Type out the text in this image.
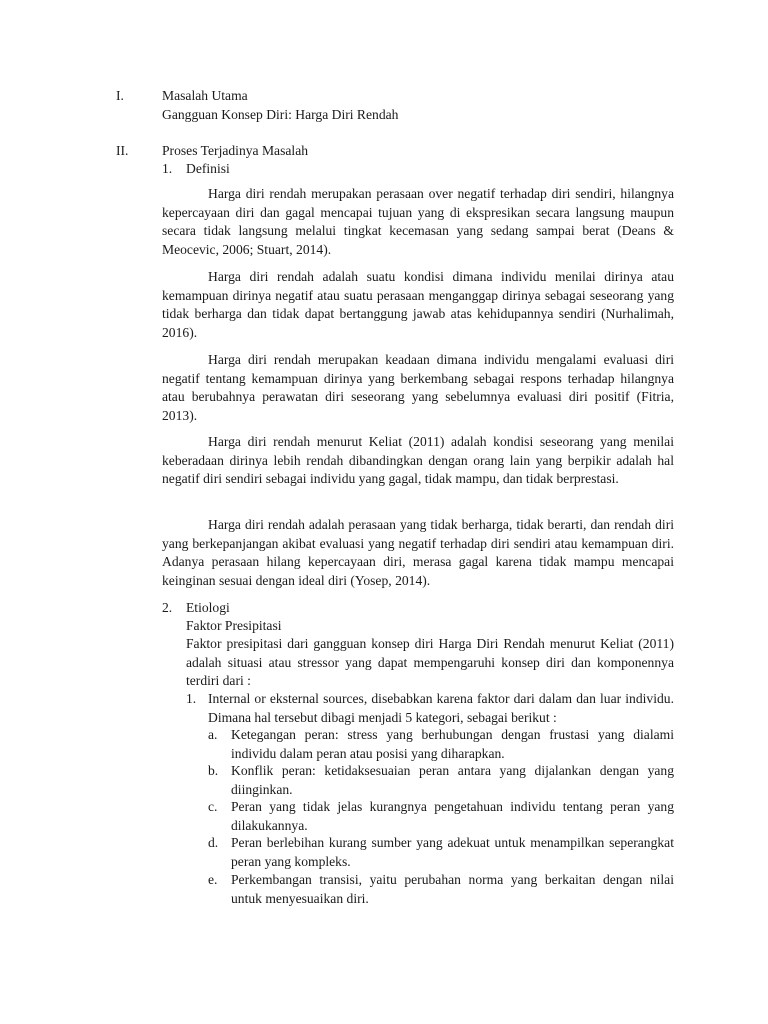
I.	Masalah Utama
Gangguan Konsep Diri: Harga Diri Rendah
II. Proses Terjadinya Masalah
1. Definisi
Harga diri rendah merupakan perasaan over negatif terhadap diri sendiri, hilangnya kepercayaan diri dan gagal mencapai tujuan yang di ekspresikan secara langsung maupun secara tidak langsung melalui tingkat kecemasan yang sedang sampai berat (Deans & Meocevic, 2006; Stuart, 2014).
Harga diri rendah adalah suatu kondisi dimana individu menilai dirinya atau kemampuan dirinya negatif atau suatu perasaan menganggap dirinya sebagai seseorang yang tidak berharga dan tidak dapat bertanggung jawab atas kehidupannya sendiri (Nurhalimah, 2016).
Harga diri rendah merupakan keadaan dimana individu mengalami evaluasi diri negatif tentang kemampuan dirinya yang berkembang sebagai respons terhadap hilangnya atau berubahnya perawatan diri seseorang yang sebelumnya evaluasi diri positif (Fitria, 2013).
Harga diri rendah menurut Keliat (2011) adalah kondisi seseorang yang menilai keberadaan dirinya lebih rendah dibandingkan dengan orang lain yang berpikir adalah hal negatif diri sendiri sebagai individu yang gagal, tidak mampu, dan tidak berprestasi.
Harga diri rendah adalah perasaan yang tidak berharga, tidak berarti, dan rendah diri yang berkepanjangan akibat evaluasi yang negatif terhadap diri sendiri atau kemampuan diri. Adanya perasaan hilang kepercayaan diri, merasa gagal karena tidak mampu mencapai keinginan sesuai dengan ideal diri (Yosep, 2014).
2. Etiologi
Faktor Presipitasi
Faktor presipitasi dari gangguan konsep diri Harga Diri Rendah menurut Keliat (2011) adalah situasi atau stressor yang dapat mempengaruhi konsep diri dan komponennya terdiri dari :
1. Internal or eksternal sources, disebabkan karena faktor dari dalam dan luar individu. Dimana hal tersebut dibagi menjadi 5 kategori, sebagai berikut :
a. Ketegangan peran: stress yang berhubungan dengan frustasi yang dialami individu dalam peran atau posisi yang diharapkan.
b. Konflik peran: ketidaksesuaian peran antara yang dijalankan dengan yang diinginkan.
c. Peran yang tidak jelas kurangnya pengetahuan individu tentang peran yang dilakukannya.
d. Peran berlebihan kurang sumber yang adekuat untuk menampilkan seperangkat peran yang kompleks.
e. Perkembangan transisi, yaitu perubahan norma yang berkaitan dengan nilai untuk menyesuaikan diri.
